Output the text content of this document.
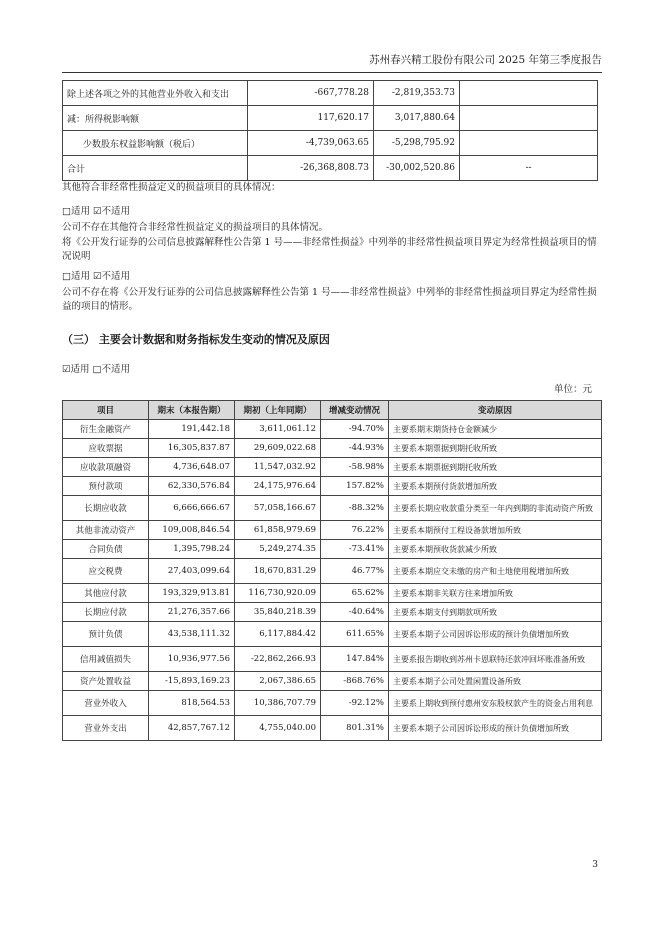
苏州春兴精工股份有限公司 2025 年第三季度报告
除上述各项之外的其他营业外收入和支出	-667,778.28	-2,819,353.73	
减：所得税影响额	117,620.17	3,017,880.64	
少数股东权益影响额（税后）	-4,739,063.65	-5,298,795.92	
合计	-26,368,808.73	-30,002,520.86	--
其他符合非经常性损益定义的损益项目的具体情况：
□适用 ☑不适用
公司不存在其他符合非经常性损益定义的损益项目的具体情况。
将《公开发行证券的公司信息披露解释性公告第 1 号——非经常性损益》中列举的非经常性损益项目界定为经常性损益项目的情况说明
□适用 ☑不适用
公司不存在将《公开发行证券的公司信息披露解释性公告第 1 号——非经常性损益》中列举的非经常性损益项目界定为经常性损益的项目的情形。
（三） 主要会计数据和财务指标发生变动的情况及原因
☑适用 □不适用
单位：元
项目	期末（本报告期）	期初（上年同期）	增减变动情况	变动原因
衍生金融资产	191,442.18	3,611,061.12	-94.70%	主要系期末期货持仓金额减少
应收票据	16,305,837.87	29,609,022.68	-44.93%	主要系本期票据到期托收所致
应收款项融资	4,736,648.07	11,547,032.92	-58.98%	主要系本期票据到期托收所致
预付款项	62,330,576.84	24,175,976.64	157.82%	主要系本期预付货款增加所致
长期应收款	6,666,666.67	57,058,166.67	-88.32%	主要系长期应收款重分类至一年内到期的非流动资产所致
其他非流动资产	109,008,846.54	61,858,979.69	76.22%	主要系本期预付工程设备款增加所致
合同负债	1,395,798.24	5,249,274.35	-73.41%	主要系本期预收货款减少所致
应交税费	27,403,099.64	18,670,831.29	46.77%	主要系本期应交未缴的房产和土地使用税增加所致
其他应付款	193,329,913.81	116,730,920.09	65.62%	主要系本期非关联方往来增加所致
长期应付款	21,276,357.66	35,840,218.39	-40.64%	主要系本期支付到期款项所致
预计负债	43,538,111.32	6,117,884.42	611.65%	主要系本期子公司因诉讼形成的预计负债增加所致
信用减值损失	10,936,977.56	-22,862,266.93	147.84%	主要系报告期收到苏州卡恩联特还款冲回坏账准备所致
资产处置收益	-15,893,169.23	2,067,386.65	-868.76%	主要系本期子公司处置闲置设备所致
营业外收入	818,564.53	10,386,707.79	-92.12%	主要系上期收到预付惠州安东股权款产生的资金占用利息
营业外支出	42,857,767.12	4,755,040.00	801.31%	主要系本期子公司因诉讼形成的预计负债增加所致
3
